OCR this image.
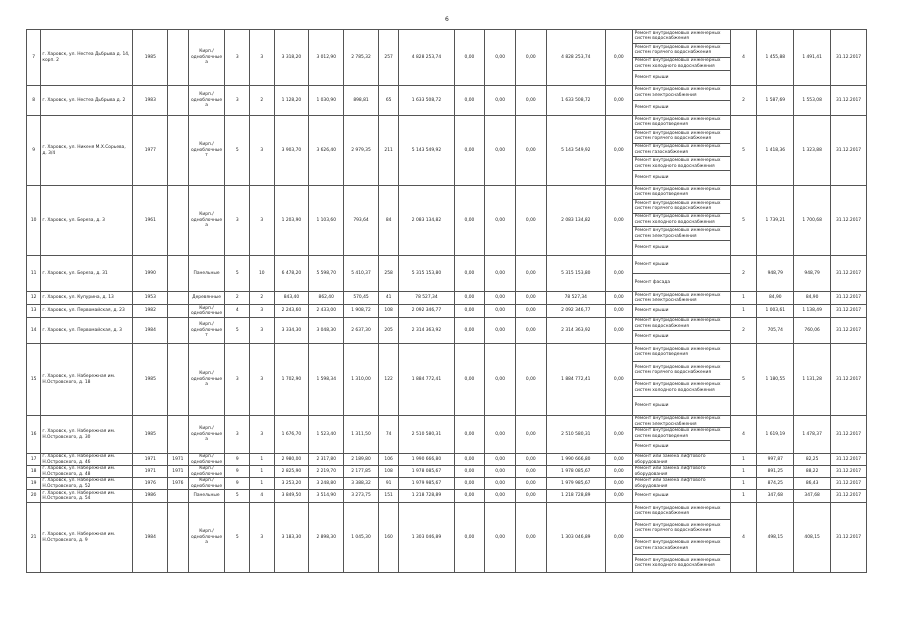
6
7	г. Харовск, ул. Нестеа Дьбрыва д. 14, корп. 2	1985		Кирп./ одноблочные а	3	3	3 318,20	3 012,90	2 785,32	257	4 828 253,74	0,00	0,00	0,00	4 828 253,74	0,00	Ремонт внутридомовых инженерных систем водоснабжения
Ремонт внутридомовых инженерных систем горячего водоснабжения
Ремонт внутридомовых инженерных систем холодного водоснабжения
Ремонт крыши	4	1 455,88	1 491,41	31.12.2017
8	г. Харовск, ул. Нестеа Дьбрыва д. 2	1983		Кирп./ одноблочные а	3	2	1 128,20	1 030,90	898,81	65	1 633 508,72	0,00	0,00	0,00	1 633 508,72	0,00	Ремонт внутридомовых инженерных систем электроснабжения
Ремонт крыши	2	1 587,69	1 553,08	31.12.2017
9	г. Харовск, ул. Никеня М.Х.Сорьева, д. 3/4	1977		Кирп./ одноблочные т	5	3	3 903,70	3 626,40	2 979,35	211	5 143 549,92	0,00	0,00	0,00	5 143 549,92	0,00	Ремонт внутридомовых инженерных систем водоотведения
Ремонт внутридомовых инженерных систем горячего водоснабжения
Ремонт внутридомовых инженерных систем газоснабжения
Ремонт внутридомовых инженерных систем холодного водоснабжения
Ремонт крыши	5	1 418,36	1 323,88	31.12.2017
10	г. Харовск, ул. Береза, д. 3	1961		Кирп./ одноблочные а	3	3	1 203,90	1 103,60	793,64	84	2 083 134,82	0,00	0,00	0,00	2 083 134,82	0,00	Ремонт внутридомовых инженерных систем водоотведения
Ремонт внутридомовых инженерных систем горячего водоснабжения
Ремонт внутридомовых инженерных систем холодного водоснабжения
Ремонт внутридомовых инженерных систем электроснабжения
Ремонт крыши	5	1 739,21	1 700,68	31.12.2017
11	г. Харовск, ул. Береза, д. 31	1990		Панельные	5	10	6 478,20	5 598,70	5 410,37	258	5 315 153,80	0,00	0,00	0,00	5 315 153,80	0,00	Ремонт крыши
Ремонт фасада	2	948,79	948,79	31.12.2017
12	г. Харовск, ул. Купурина, д. 13	1953		Деревянные	2	2	843,40	862,40	570,45	41	78 527,34	0,00	0,00	0,00	78 527,34	0,00	Ремонт внутридомовых инженерных систем электроснабжения	1	84,90	84,90	31.12.2017
13	г. Харовск, ул. Первомайская, д. 23	1982		Кирп./ одноблочные	4	3	2 243,60	2 433,00	1 908,72	108	2 092 346,77	0,00	0,00	0,00	2 092 346,77	0,00	Ремонт крыши	1	1 003,61	1 138,49	31.12.2017
14	г. Харовск, ул. Первомайская, д. 3	1984		Кирп./ одноблочные т	5	3	3 334,30	3 048,30	2 637,30	205	2 314 363,92	0,00	0,00	0,00	2 314 363,92	0,00	Ремонт внутридомовых инженерных систем водоснабжения
Ремонт крыши	2	705,74	760,06	31.12.2017
15	г. Харовск, ул. Набережная им. Н.Островского, д. 18	1985		Кирп./ одноблочные а	3	3	1 702,90	1 598,34	1 310,00	122	1 884 772,41	0,00	0,00	0,00	1 884 772,41	0,00	Ремонт внутридомовых инженерных систем водоотведения
Ремонт внутридомовых инженерных систем горячего водоснабжения
Ремонт внутридомовых инженерных систем холодного водоснабжения
Ремонт крыши	5	1 180,55	1 131,28	31.12.2017
16	г. Харовск, ул. Набережная им. Н.Островского, д. 30	1985		Кирп./ одноблочные а	3	3	1 676,70	1 523,40	1 311,50	74	2 510 580,31	0,00	0,00	0,00	2 510 580,31	0,00	Ремонт внутридомовых инженерных систем электроснабжения
Ремонт внутридомовых инженерных систем водоотведения
Ремонт крыши	4	1 619,19	1 478,37	31.12.2017
17	г. Харовск, ул. Набережная им. Н.Островского, д. 46	1971	1971	Кирп./ одноблочные	9	1	2 980,00	2 317,80	2 189,80	106	1 990 666,80	0,00	0,00	0,00	1 990 666,80	0,00	Ремонт или замена лифтового оборудования	1	997,87	82,25	31.12.2017
18	г. Харовск, ул. Набережная им. Н.Островского, д. 48	1971	1971	Кирп./ одноблочные	9	1	2 825,90	2 219,70	2 177,85	108	1 978 085,67	0,00	0,00	0,00	1 978 085,67	0,00	Ремонт или замена лифтового оборудования	1	891,25	88,22	31.12.2017
19	г. Харовск, ул. Набережная им. Н.Островского, д. 52	1976	1976	Кирп./ одноблочные	9	1	3 253,20	3 248,80	3 388,32	91	1 979 985,67	0,00	0,00	0,00	1 979 985,67	0,00	Ремонт или замена лифтового оборудования	1	874,25	86,43	31.12.2017
20	г. Харовск, ул. Набережная им. Н.Островского, д. 54	1986		Панельные	5	4	3 849,50	3 514,90	3 273,75	151	1 218 728,89	0,00	0,00	0,00	1 218 728,89	0,00	Ремонт крыши	1	347,68	347,68	31.12.2017
21	г. Харовск, ул. Набережная им. Н.Островского, д. 9	1984		Кирп./ одноблочные а	5	3	3 183,30	2 898,30	1 045,30	160	1 303 046,89	0,00	0,00	0,00	1 303 046,89	0,00	Ремонт внутридомовых инженерных систем водоснабжения
Ремонт внутридомовых инженерных систем горячего водоснабжения
Ремонт внутридомовых инженерных систем газоснабжения
Ремонт внутридомовых инженерных систем холодного водоснабжения	4	498,15	408,15	31.12.2017
